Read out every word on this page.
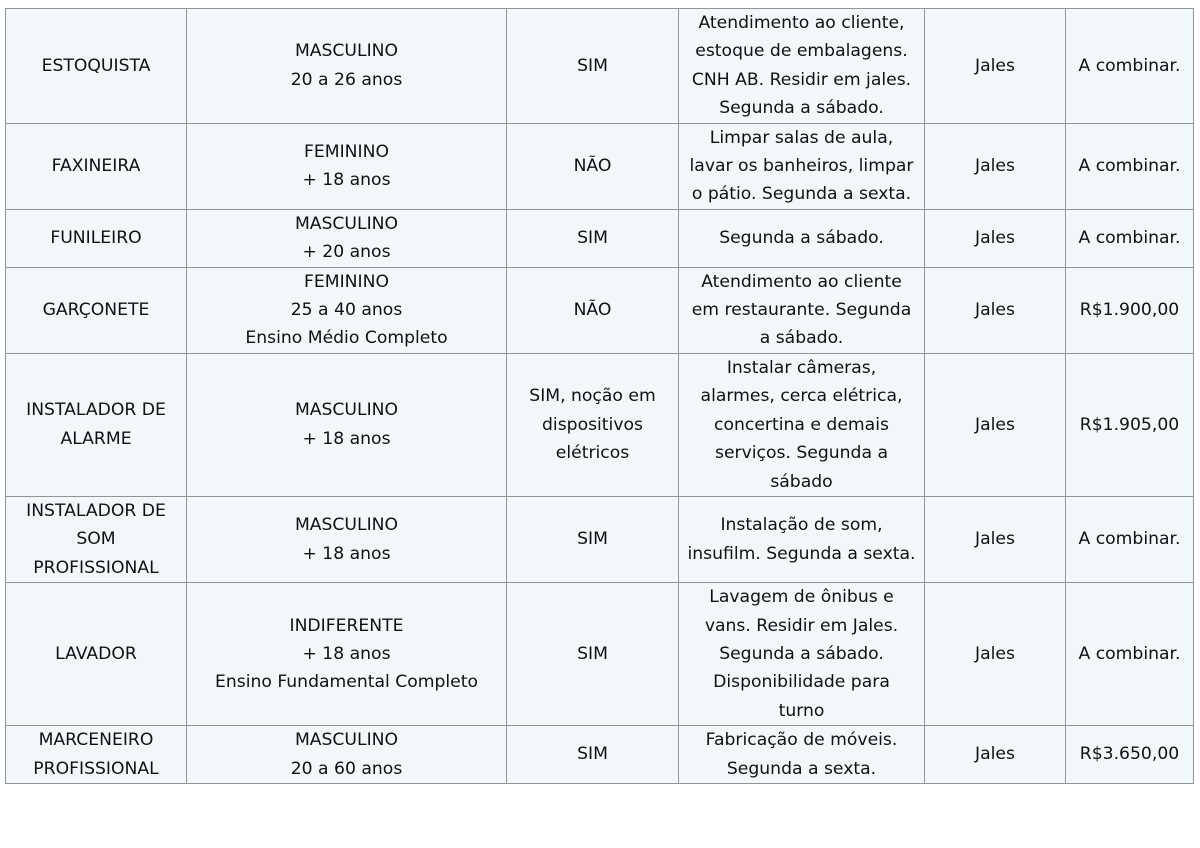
ESTOQUISTA	MASCULINO
20 a 26 anos	SIM	Atendimento ao cliente,
estoque de embalagens.
CNH AB. Residir em jales.
Segunda a sábado.	Jales	A combinar.

FAXINEIRA	FEMININO
+ 18 anos	NÃO	Limpar salas de aula,
lavar os banheiros, limpar
o pátio. Segunda a sexta.	Jales	A combinar.

FUNILEIRO	MASCULINO
+ 20 anos	SIM	Segunda a sábado.	Jales	A combinar.

GARÇONETE	FEMININO
25 a 40 anos
Ensino Médio Completo	NÃO	Atendimento ao cliente
em restaurante. Segunda
a sábado.	Jales	R$1.900,00

INSTALADOR DE
ALARME	MASCULINO
+ 18 anos	SIM, noção em
dispositivos
elétricos	Instalar câmeras,
alarmes, cerca elétrica,
concertina e demais
serviços. Segunda a
sábado	Jales	R$1.905,00

INSTALADOR DE
SOM
PROFISSIONAL	MASCULINO
+ 18 anos	SIM	Instalação de som,
insufilm. Segunda a sexta.	Jales	A combinar.

LAVADOR	INDIFERENTE
+ 18 anos
Ensino Fundamental Completo	SIM	Lavagem de ônibus e
vans. Residir em Jales.
Segunda a sábado.
Disponibilidade para
turno	Jales	A combinar.

MARCENEIRO
PROFISSIONAL	MASCULINO
20 a 60 anos	SIM	Fabricação de móveis.
Segunda a sexta.	Jales	R$3.650,00
